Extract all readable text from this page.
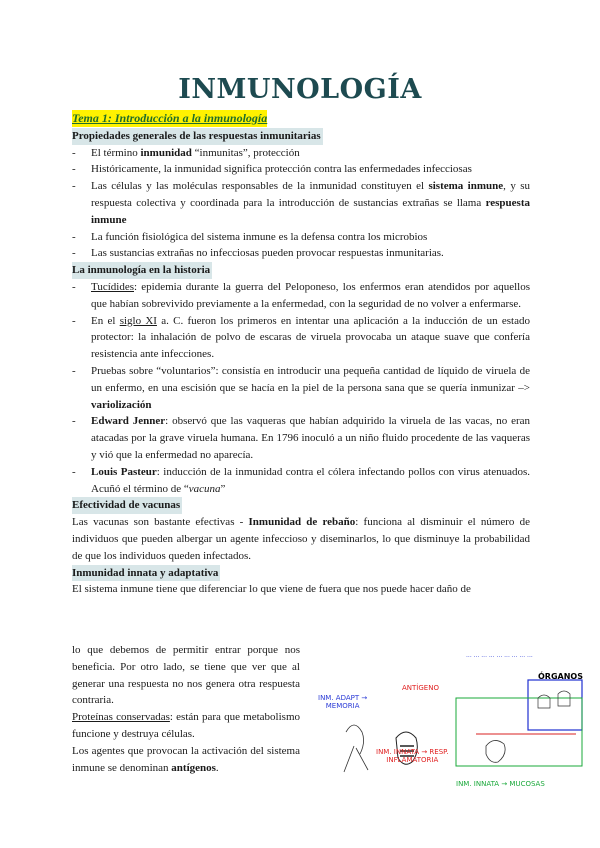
INMUNOLOGÍA
Tema 1: Introducción a la inmunología
Propiedades generales de las respuestas inmunitarias
- El término inmunidad “inmunitas”, protección
- Históricamente, la inmunidad significa protección contra las enfermedades infecciosas
- Las células y las moléculas responsables de la inmunidad constituyen el sistema inmune, y su respuesta colectiva y coordinada para la introducción de sustancias extrañas se llama respuesta inmune
- La función fisiológica del sistema inmune es la defensa contra los microbios
- Las sustancias extrañas no infecciosas pueden provocar respuestas inmunitarias.
La inmunología en la historia
- Tucídides: epidemia durante la guerra del Peloponeso, los enfermos eran atendidos por aquellos que habían sobrevivido previamente a la enfermedad, con la seguridad de no volver a enfermarse.
- En el siglo XI a. C. fueron los primeros en intentar una aplicación a la inducción de un estado protector: la inhalación de polvo de escaras de viruela provocaba un ataque suave que confería resistencia ante infecciones.
- Pruebas sobre “voluntarios”: consistía en introducir una pequeña cantidad de líquido de viruela de un enfermo, en una escisión que se hacía en la piel de la persona sana que se quería inmunizar –> variolización
- Edward Jenner: observó que las vaqueras que habían adquirido la viruela de las vacas, no eran atacadas por la grave viruela humana. En 1796 inoculó a un niño fluido procedente de las vaqueras y vió que la enfermedad no aparecía.
- Louis Pasteur: inducción de la inmunidad contra el cólera infectando pollos con virus atenuados. Acuñó el término de “vacuna”
Efectividad de vacunas

Las vacunas son bastante efectivas - Inmunidad de rebaño: funciona al disminuir el número de individuos que pueden albergar un agente infeccioso y diseminarlos, lo que disminuye la probabilidad de que los individuos queden infectados.

Inmunidad innata y adaptativa

El sistema inmune tiene que diferenciar lo que viene de fuera que nos puede hacer daño de

lo que debemos de permitir entrar porque nos beneficia. Por otro lado, se tiene que ver que al generar una respuesta no nos genera otra respuesta contraria.

Proteínas conservadas: están para que metabolismo funcione y destruya células.

Los agentes que provocan la activación del sistema inmune se denominan antígenos.

··· ··· ··· ··· ··· ··· ··· ··· ···
ÓRGANOS
ANTÍGENO
INM. ADAPT →
MEMORIA
INM. INNATA → RESP.
INFLAMATORIA
INM. INNATA → MUCOSAS
